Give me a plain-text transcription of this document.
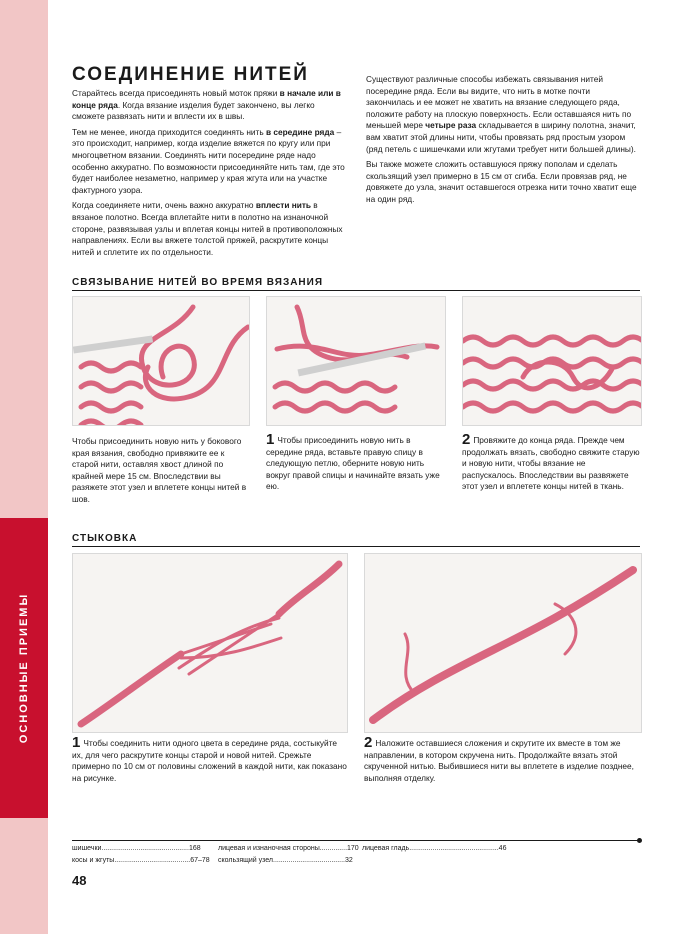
ОСНОВНЫЕ ПРИЕМЫ
СОЕДИНЕНИЕ НИТЕЙ

Старайтесь всегда присоединять новый моток пряжи в начале или в конце ряда. Когда вязание изделия будет закончено, вы легко сможете развязать нити и вплести их в швы.

Тем не менее, иногда приходится соединять нить в середине ряда – это происходит, например, когда изделие вяжется по кругу или при многоцветном вязании. Соединять нити посередине ряде надо особенно аккуратно. По возможности присоединяйте нить там, где это будет наиболее незаметно, например у края жгута или на участке фактурного узора.

Когда соединяете нити, очень важно аккуратно вплести нить в вязаное полотно. Всегда вплетайте нити в полотно на изнаночной стороне, развязывая узлы и вплетая концы нитей в противоположных направлениях. Если вы вяжете толстой пряжей, раскрутите концы нитей и сплетите их по отдельности.

Существуют различные способы избежать связывания нитей посередине ряда. Если вы видите, что нить в мотке почти закончилась и ее может не хватить на вязание следующего ряда, положите работу на плоскую поверхность. Если оставшаяся нить по меньшей мере четыре раза складывается в ширину полотна, значит, вам хватит этой длины нити, чтобы провязать ряд простым узором (ряд петель с шишечками или жгутами требует нити большей длины).

Вы также можете сложить оставшуюся пряжу пополам и сделать скользящий узел примерно в 15 см от сгиба. Если провязав ряд, не довяжете до узла, значит оставшегося отрезка нити точно хватит еще на один ряд.

СВЯЗЫВАНИЕ НИТЕЙ ВО ВРЕМЯ ВЯЗАНИЯ
Чтобы присоединить новую нить у бокового края вязания, свободно привяжите ее к старой нити, оставляя хвост длиной по крайней мере 15 см. Впоследствии вы разяжете этот узел и вплетете концы нитей в шов.
1 Чтобы присоединить новую нить в середине ряда, вставьте правую спицу в следующую петлю, оберните новую нить вокруг правой спицы и начинайте вязать уже ею.
2 Провяжите до конца ряда. Прежде чем продолжать вязать, свободно свяжите старую и новую нити, чтобы вязание не распускалось. Впоследствии вы развяжете этот узел и вплетете концы нитей в ткань.
СТЫКОВКА
1 Чтобы соединить нити одного цвета в середине ряда, состыкуйте их, для чего раскрутите концы старой и новой нитей. Срежьте примерно по 10 см от половины сложений в каждой нити, как показано на рисунке.
2 Наложите оставшиеся сложения и скрутите их вместе в том же направлении, в котором скручена нить. Продолжайте вязать этой скрученной нитью. Выбившиеся нити вы вплетете в изделие позднее, выполняя отделку.
шишечки.............................................168
косы и жгуты.......................................67–78
лицевая и изнаночная стороны..............170
скользящий узел.....................................32
лицевая гладь..............................................46
48
